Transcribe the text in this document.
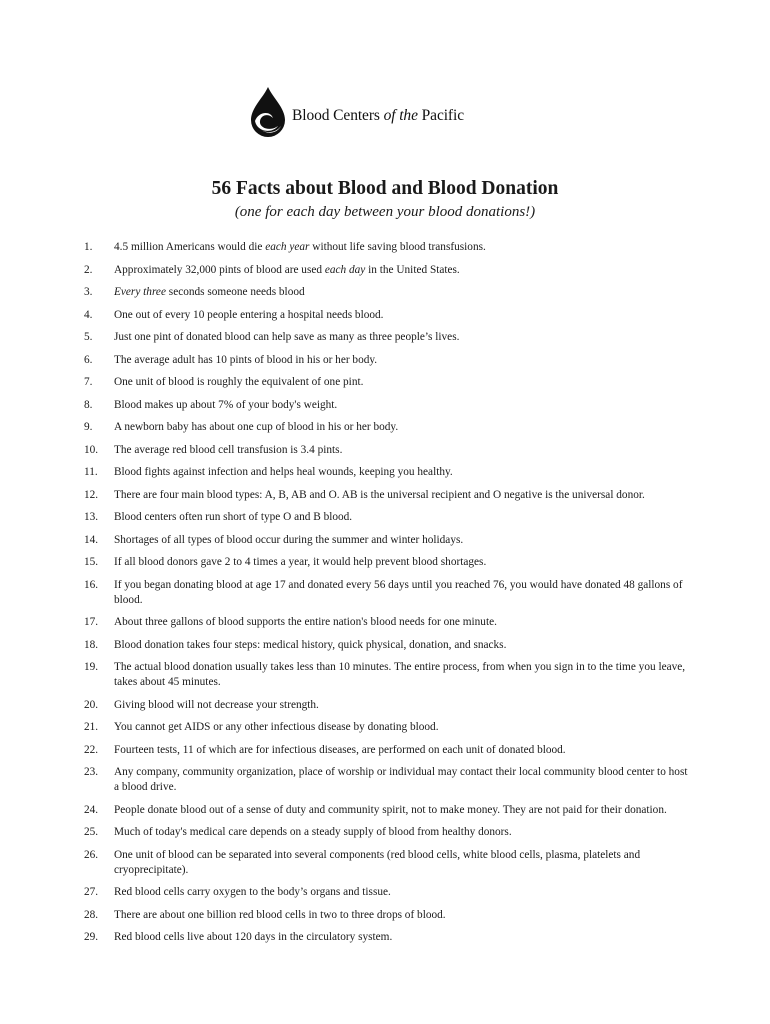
Blood Centers of the Pacific
56 Facts about Blood and Blood Donation

(one for each day between your blood donations!)

1.	4.5 million Americans would die each year without life saving blood transfusions.
2.	Approximately 32,000 pints of blood are used each day in the United States.
3.	Every three seconds someone needs blood
4.	One out of every 10 people entering a hospital needs blood.
5.	Just one pint of donated blood can help save as many as three people’s lives.
6.	The average adult has 10 pints of blood in his or her body.
7.	One unit of blood is roughly the equivalent of one pint.
8.	Blood makes up about 7% of your body's weight.
9.	A newborn baby has about one cup of blood in his or her body.
10.	The average red blood cell transfusion is 3.4 pints.
11.	Blood fights against infection and helps heal wounds, keeping you healthy.
12.	There are four main blood types: A, B, AB and O. AB is the universal recipient and O negative is the universal donor.
13.	Blood centers often run short of type O and B blood.
14.	Shortages of all types of blood occur during the summer and winter holidays.
15.	If all blood donors gave 2 to 4 times a year, it would help prevent blood shortages.
16.	If you began donating blood at age 17 and donated every 56 days until you reached 76, you would have donated 48 gallons of blood.
17.	About three gallons of blood supports the entire nation's blood needs for one minute.
18.	Blood donation takes four steps: medical history, quick physical, donation, and snacks.
19.	The actual blood donation usually takes less than 10 minutes. The entire process, from when you sign in to the time you leave, takes about 45 minutes.
20.	Giving blood will not decrease your strength.
21.	You cannot get AIDS or any other infectious disease by donating blood.
22.	Fourteen tests, 11 of which are for infectious diseases, are performed on each unit of donated blood.
23.	Any company, community organization, place of worship or individual may contact their local community blood center to host a blood drive.
24.	People donate blood out of a sense of duty and community spirit, not to make money. They are not paid for their donation.
25.	Much of today's medical care depends on a steady supply of blood from healthy donors.
26.	One unit of blood can be separated into several components (red blood cells, white blood cells, plasma, platelets and cryoprecipitate).
27.	Red blood cells carry oxygen to the body’s organs and tissue.
28.	There are about one billion red blood cells in two to three drops of blood.
29.	Red blood cells live about 120 days in the circulatory system.
